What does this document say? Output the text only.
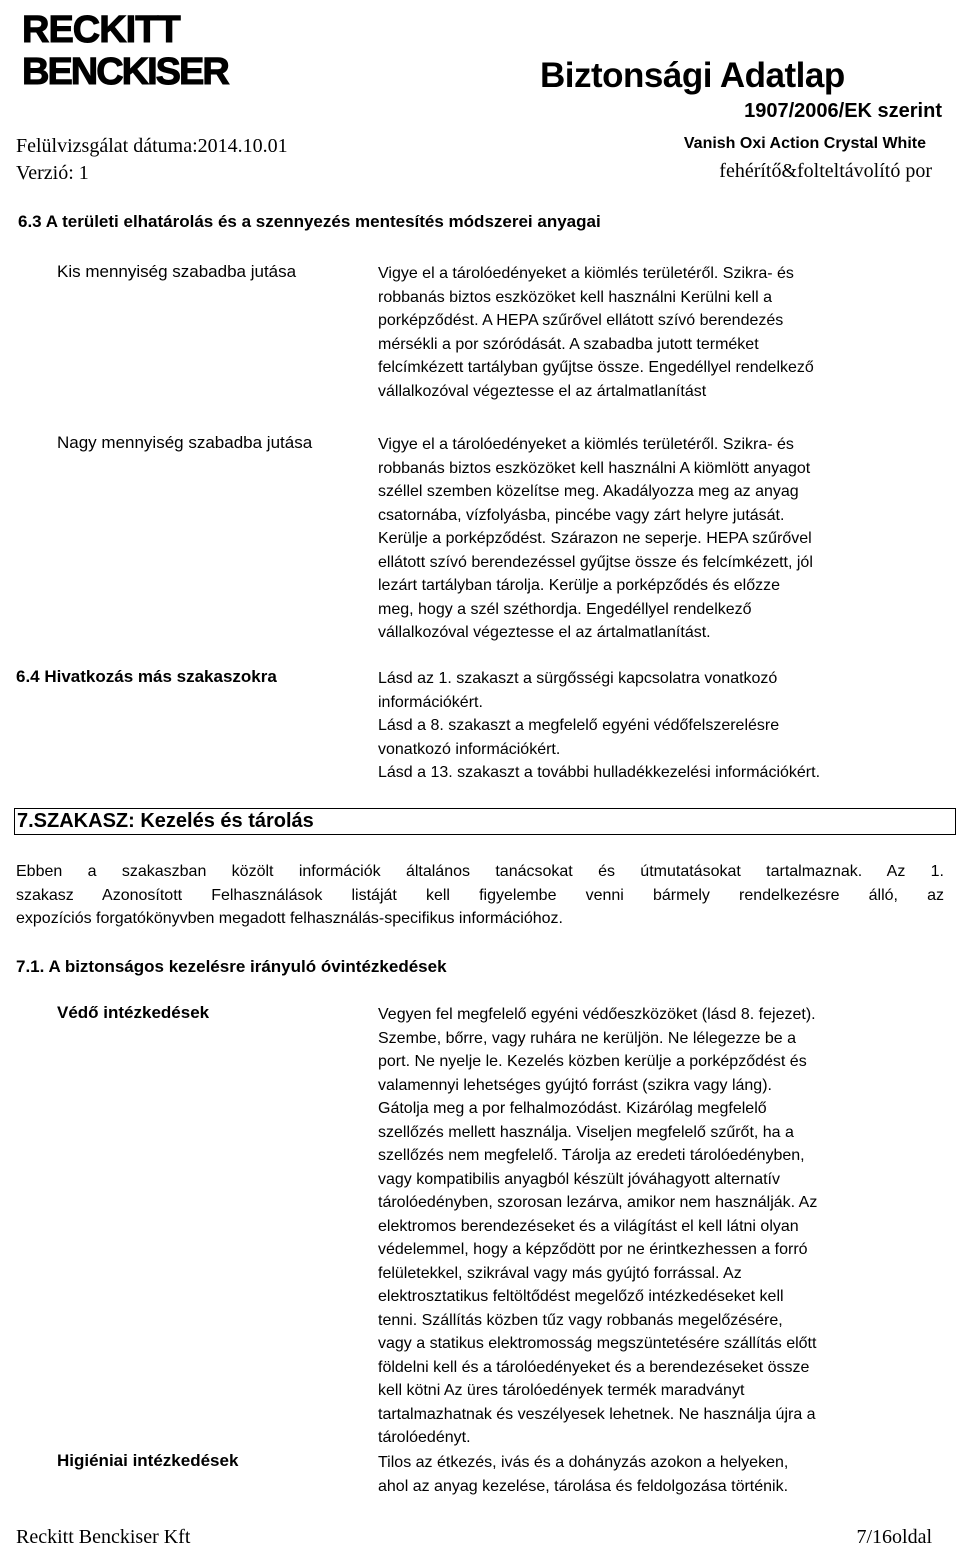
RECKITT
BENCKISER	Biztonsági Adatlap
1907/2006/EK szerint
Felülvizsgálat dátuma:2014.10.01	Vanish Oxi Action Crystal White
Verzió: 1	fehérítő&folteltávolító por
6.3 A területi elhatárolás és a szennyezés mentesítés módszerei anyagai
Kis mennyiség szabadba jutása	Vigye el a tárolóedényeket a kiömlés területéről. Szikra- és
robbanás biztos eszközöket kell használni Kerülni kell a
porképződést. A HEPA szűrővel ellátott szívó berendezés
mérsékli a por szóródását. A szabadba jutott terméket
felcímkézett tartályban gyűjtse össze. Engedéllyel rendelkező
vállalkozóval végeztesse el az ártalmatlanítást
Nagy mennyiség szabadba jutása	Vigye el a tárolóedényeket a kiömlés területéről. Szikra- és
robbanás biztos eszközöket kell használni A kiömlött anyagot
széllel szemben közelítse meg. Akadályozza meg az anyag
csatornába, vízfolyásba, pincébe vagy zárt helyre jutását.
Kerülje a porképződést. Szárazon ne seperje. HEPA szűrővel
ellátott szívó berendezéssel gyűjtse össze és felcímkézett, jól
lezárt tartályban tárolja. Kerülje a porképződés és előzze
meg, hogy a szél széthordja. Engedéllyel rendelkező
vállalkozóval végeztesse el az ártalmatlanítást.
6.4 Hivatkozás más szakaszokra	Lásd az 1. szakaszt a sürgősségi kapcsolatra vonatkozó
információkért.
Lásd a 8. szakaszt a megfelelő egyéni védőfelszerelésre
vonatkozó információkért.
Lásd a 13. szakaszt a további hulladékkezelési információkért.
7.SZAKASZ: Kezelés és tárolás
Ebben a szakaszban közölt információk általános tanácsokat és útmutatásokat tartalmaznak. Az 1.
szakasz Azonosított Felhasználások listáját kell figyelembe venni bármely rendelkezésre álló, az
expozíciós forgatókönyvben megadott felhasználás-specifikus információhoz.
7.1. A biztonságos kezelésre irányuló óvintézkedések
Védő intézkedések	Vegyen fel megfelelő egyéni védőeszközöket (lásd 8. fejezet).
Szembe, bőrre, vagy ruhára ne kerüljön. Ne lélegezze be a
port. Ne nyelje le. Kezelés közben kerülje a porképződést és
valamennyi lehetséges gyújtó forrást (szikra vagy láng).
Gátolja meg a por felhalmozódást. Kizárólag megfelelő
szellőzés mellett használja. Viseljen megfelelő szűrőt, ha a
szellőzés nem megfelelő. Tárolja az eredeti tárolóedényben,
vagy kompatibilis anyagból készült jóváhagyott alternatív
tárolóedényben, szorosan lezárva, amikor nem használják. Az
elektromos berendezéseket és a világítást el kell látni olyan
védelemmel, hogy a képződött por ne érintkezhessen a forró
felületekkel, szikrával vagy más gyújtó forrással. Az
elektrosztatikus feltöltődést megelőző intézkedéseket kell
tenni. Szállítás közben tűz vagy robbanás megelőzésére,
vagy a statikus elektromosság megszüntetésére szállítás előtt
földelni kell és a tárolóedényeket és a berendezéseket össze
kell kötni Az üres tárolóedények termék maradványt
tartalmazhatnak és veszélyesek lehetnek. Ne használja újra a
tárolóedényt.
Higiéniai intézkedések	Tilos az étkezés, ivás és a dohányzás azokon a helyeken,
ahol az anyag kezelése, tárolása és feldolgozása történik.
Reckitt Benckiser Kft	7/16oldal
